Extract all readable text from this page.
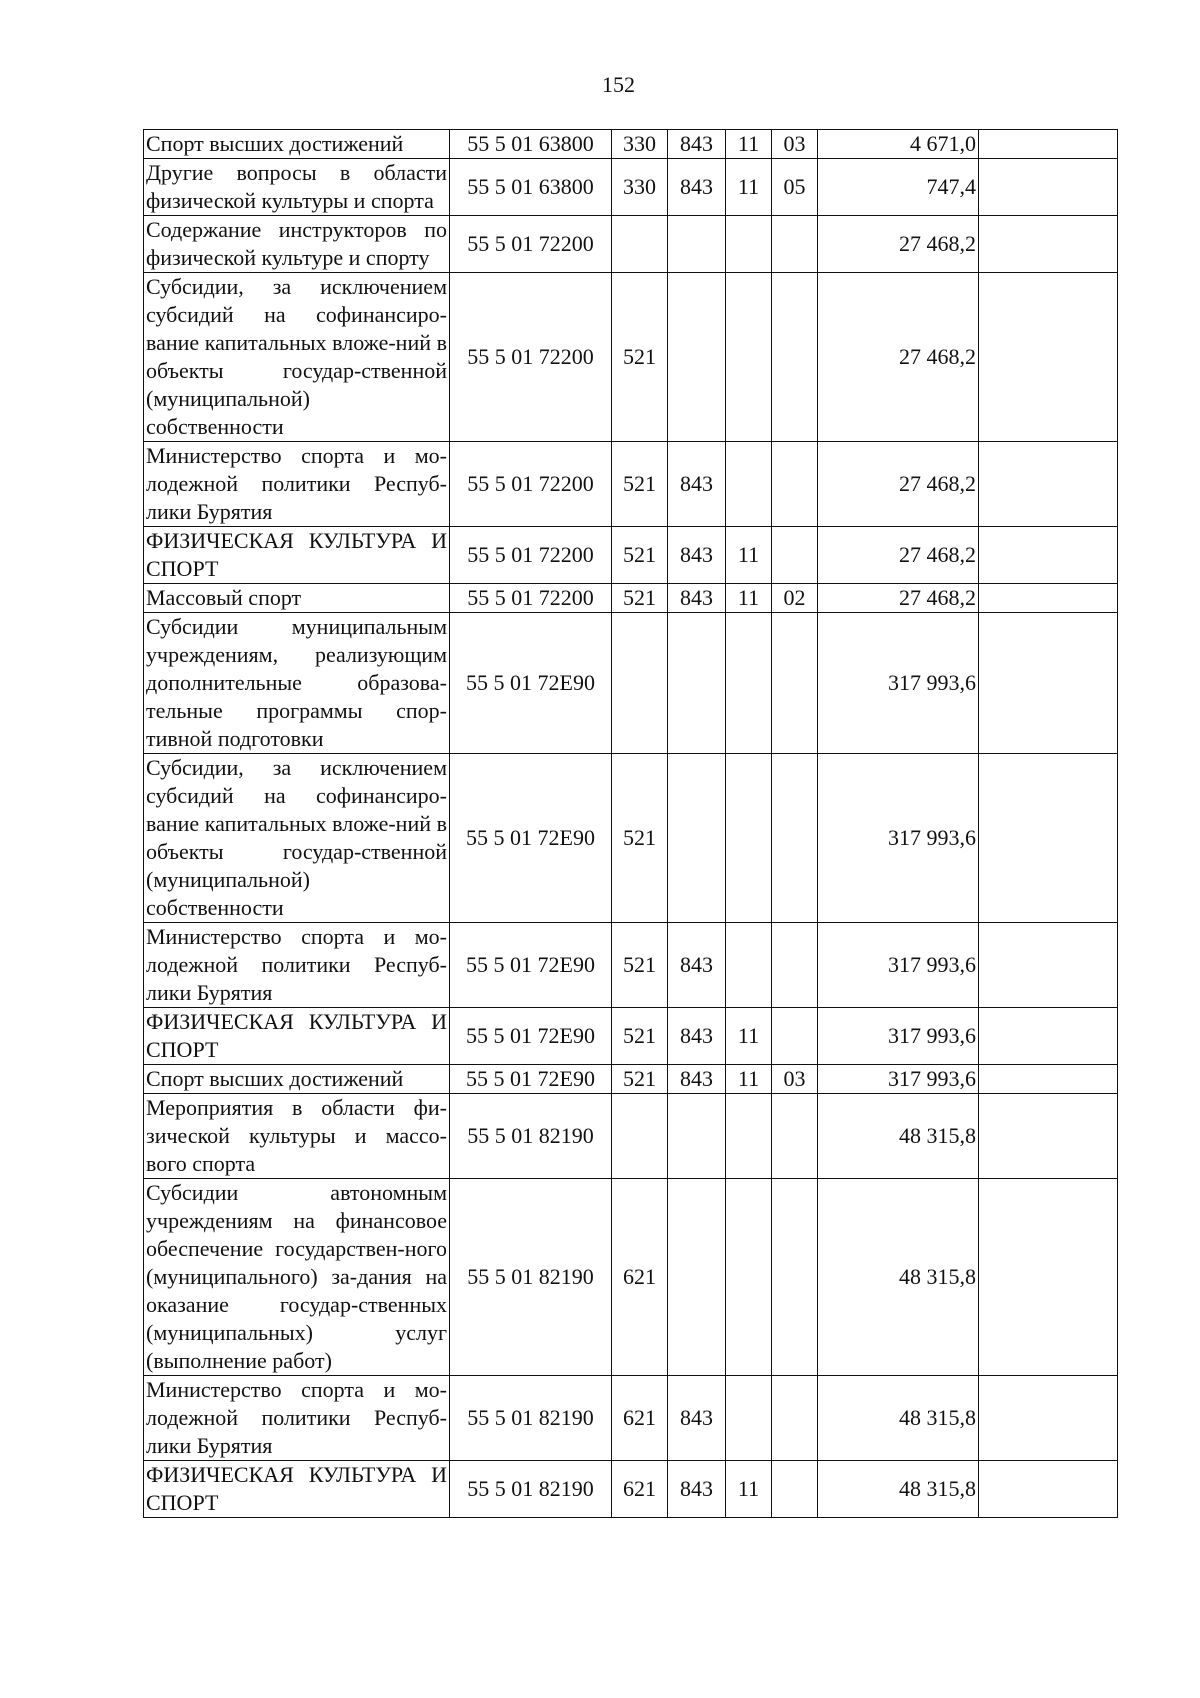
152
Спорт высших достижений	55 5 01 63800	330	843	11	03	4 671,0	
Другие вопросы в области физической культуры и спорта	55 5 01 63800	330	843	11	05	747,4	
Содержание инструкторов по физической культуре и спорту	55 5 01 72200					27 468,2	
Субсидии, за исключением субсидий на софинансиро-вание капитальных вложе-ний в объекты государ-ственной (муниципальной) собственности	55 5 01 72200	521				27 468,2	
Министерство спорта и мо-лодежной политики Респуб-лики Бурятия	55 5 01 72200	521	843			27 468,2	
ФИЗИЧЕСКАЯ КУЛЬТУРА И СПОРТ	55 5 01 72200	521	843	11		27 468,2	
Массовый спорт	55 5 01 72200	521	843	11	02	27 468,2	
Субсидии муниципальным учреждениям, реализующим дополнительные образова-тельные программы спор-тивной подготовки	55 5 01 72Е90					317 993,6	
Субсидии, за исключением субсидий на софинансиро-вание капитальных вложе-ний в объекты государ-ственной (муниципальной) собственности	55 5 01 72Е90	521				317 993,6	
Министерство спорта и мо-лодежной политики Респуб-лики Бурятия	55 5 01 72Е90	521	843			317 993,6	
ФИЗИЧЕСКАЯ КУЛЬТУРА И СПОРТ	55 5 01 72Е90	521	843	11		317 993,6	
Спорт высших достижений	55 5 01 72Е90	521	843	11	03	317 993,6	
Мероприятия в области фи-зической культуры и массо-вого спорта	55 5 01 82190					48 315,8	
Субсидии автономным учреждениям на финансовое обеспечение государствен-ного (муниципального) за-дания на оказание государ-ственных (муниципальных) услуг (выполнение работ)	55 5 01 82190	621				48 315,8	
Министерство спорта и мо-лодежной политики Респуб-лики Бурятия	55 5 01 82190	621	843			48 315,8	
ФИЗИЧЕСКАЯ КУЛЬТУРА И СПОРТ	55 5 01 82190	621	843	11		48 315,8	
